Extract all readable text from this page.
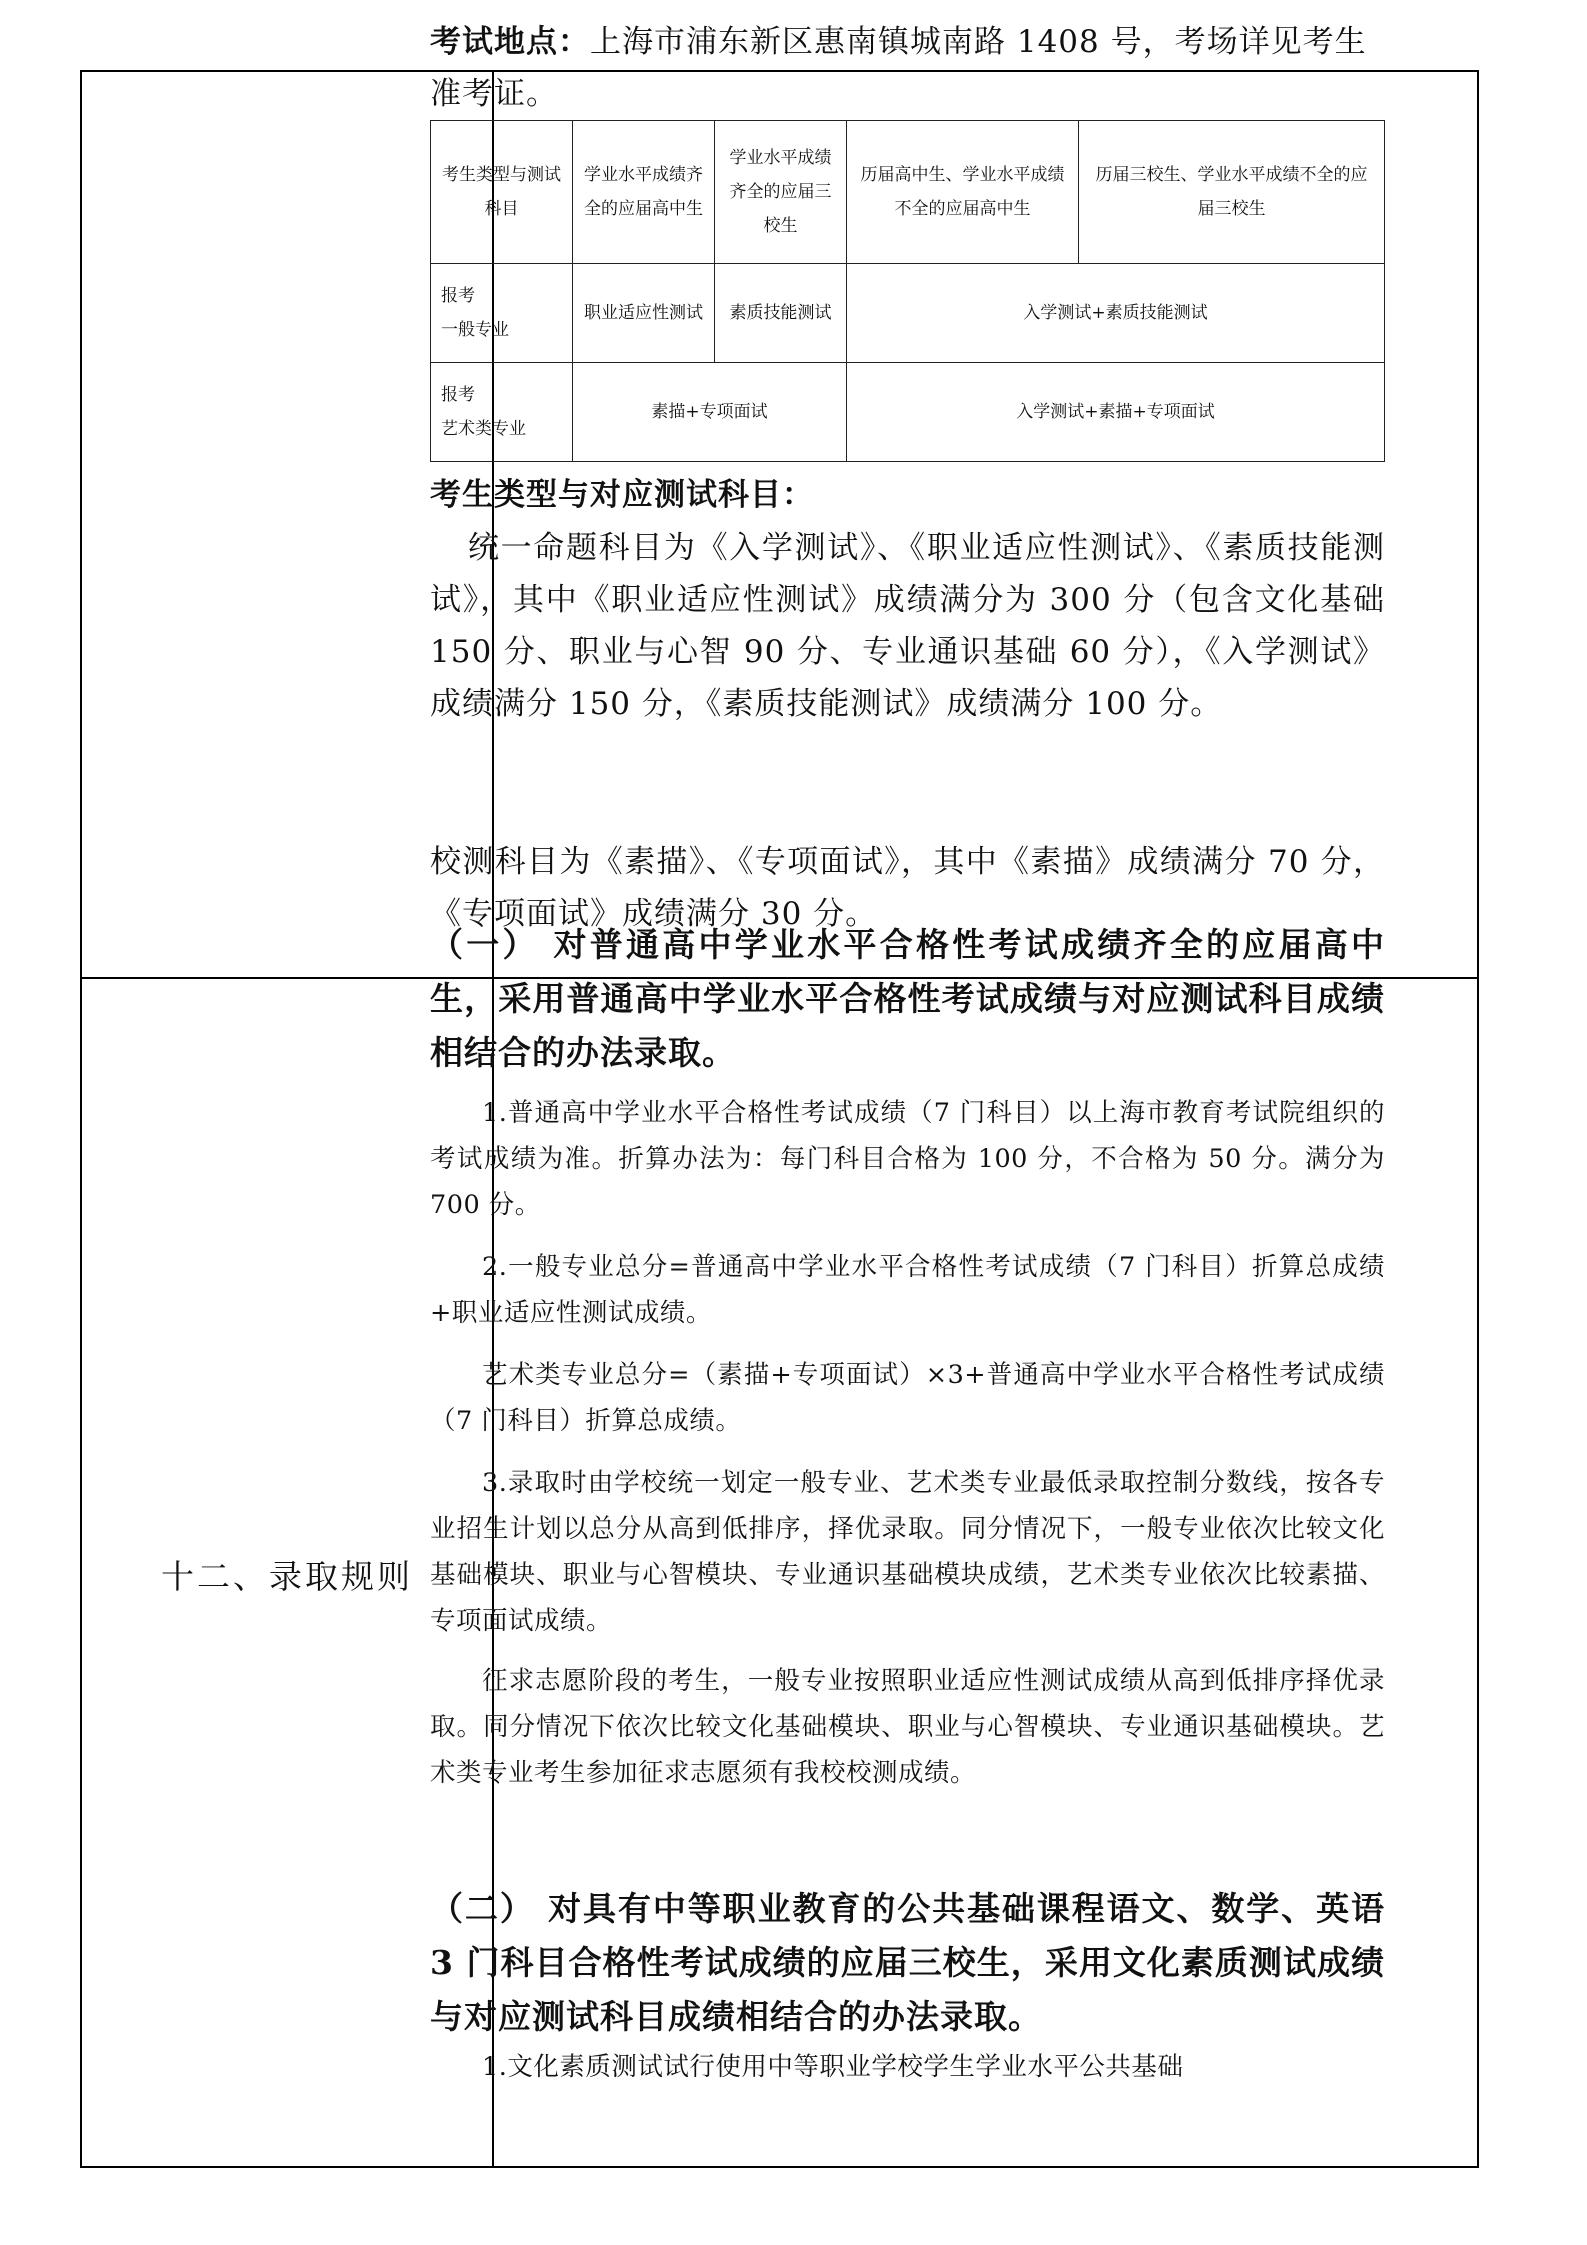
十二、录取规则
考试地点：上海市浦东新区惠南镇城南路 1408 号，考场详见考生准考证。
考生类型与测试科目	学业水平成绩齐全的应届高中生	学业水平成绩齐全的应届三校生	历届高中生、学业水平成绩不全的应届高中生	历届三校生、学业水平成绩不全的应届三校生
报考
一般专业	职业适应性测试	素质技能测试	入学测试+素质技能测试	
报考
艺术类专业	素描+专项面试		入学测试+素描+专项面试	
考生类型与对应测试科目：
统一命题科目为《入学测试》、《职业适应性测试》、《素质技能测试》，其中《职业适应性测试》成绩满分为 300 分（包含文化基础 150 分、职业与心智 90 分、专业通识基础 60 分），《入学测试》成绩满分 150 分，《素质技能测试》成绩满分 100 分。
校测科目为《素描》、《专项面试》，其中《素描》成绩满分 70 分，《专项面试》成绩满分 30 分。
（一） 对普通高中学业水平合格性考试成绩齐全的应届高中生，采用普通高中学业水平合格性考试成绩与对应测试科目成绩相结合的办法录取。
1.普通高中学业水平合格性考试成绩（7 门科目）以上海市教育考试院组织的考试成绩为准。折算办法为：每门科目合格为 100 分，不合格为 50 分。满分为 700 分。
2.一般专业总分=普通高中学业水平合格性考试成绩（7 门科目）折算总成绩+职业适应性测试成绩。
艺术类专业总分=（素描+专项面试）×3+普通高中学业水平合格性考试成绩（7 门科目）折算总成绩。
3.录取时由学校统一划定一般专业、艺术类专业最低录取控制分数线，按各专业招生计划以总分从高到低排序，择优录取。同分情况下，一般专业依次比较文化基础模块、职业与心智模块、专业通识基础模块成绩，艺术类专业依次比较素描、专项面试成绩。
征求志愿阶段的考生，一般专业按照职业适应性测试成绩从高到低排序择优录取。同分情况下依次比较文化基础模块、职业与心智模块、专业通识基础模块。艺术类专业考生参加征求志愿须有我校校测成绩。
（二） 对具有中等职业教育的公共基础课程语文、数学、英语 3 门科目合格性考试成绩的应届三校生，采用文化素质测试成绩与对应测试科目成绩相结合的办法录取。
1.文化素质测试试行使用中等职业学校学生学业水平公共基础
